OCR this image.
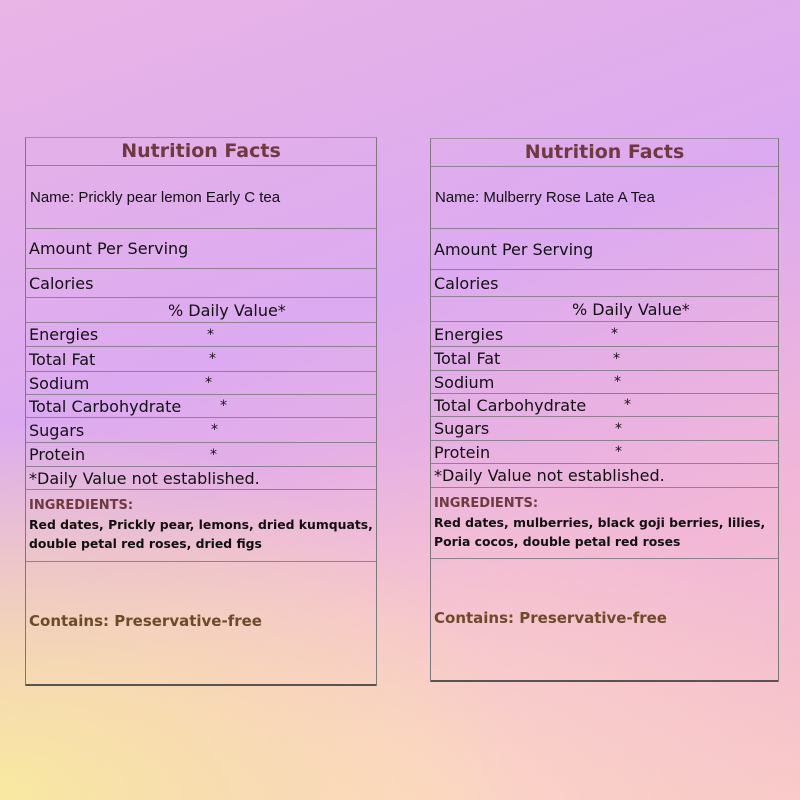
Nutrition Facts
Name: Prickly pear lemon Early C tea
Amount Per Serving
Calories
% Daily Value*
Energies	*
Total Fat	*
Sodium	*
Total Carbohydrate	*
Sugars	*
Protein	*
*Daily Value not established.
INGREDIENTS:
Red dates, Prickly pear, lemons, dried kumquats,
double petal red roses, dried figs
Contains: Preservative-free
Nutrition Facts
Name: Mulberry Rose Late A Tea
Amount Per Serving
Calories
% Daily Value*
Energies	*
Total Fat	*
Sodium	*
Total Carbohydrate	*
Sugars	*
Protein	*
*Daily Value not established.
INGREDIENTS:
Red dates, mulberries, black goji berries, lilies,
Poria cocos, double petal red roses
Contains: Preservative-free
